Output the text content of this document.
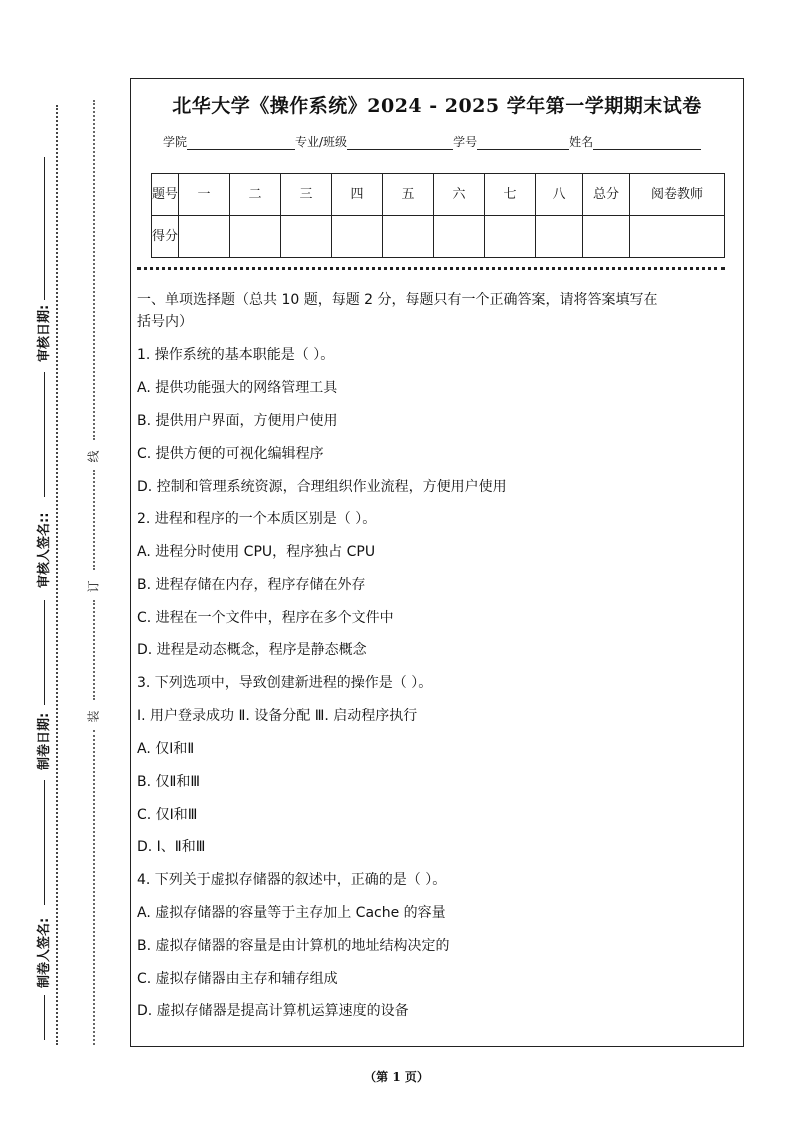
审核日期:
审核人签名::
制卷日期:
制卷人签名:
线
订
装
北华大学《操作系统》2024 - 2025 学年第一学期期末试卷
学院	专业/班级	学号	姓名
题号	一	二	三	四	五	六	七	八	总分	阅卷教师
得分										
一、单项选择题（总共 10 题，每题 2 分，每题只有一个正确答案，请将答案填写在
括号内）
1. 操作系统的基本职能是（ ）。
A. 提供功能强大的网络管理工具
B. 提供用户界面，方便用户使用
C. 提供方便的可视化编辑程序
D. 控制和管理系统资源，合理组织作业流程，方便用户使用
2. 进程和程序的一个本质区别是（ ）。
A. 进程分时使用 CPU，程序独占 CPU
B. 进程存储在内存，程序存储在外存
C. 进程在一个文件中，程序在多个文件中
D. 进程是动态概念，程序是静态概念
3. 下列选项中，导致创建新进程的操作是（ ）。
Ⅰ. 用户登录成功 Ⅱ. 设备分配 Ⅲ. 启动程序执行
A. 仅Ⅰ和Ⅱ
B. 仅Ⅱ和Ⅲ
C. 仅Ⅰ和Ⅲ
D. Ⅰ、Ⅱ和Ⅲ
4. 下列关于虚拟存储器的叙述中，正确的是（ ）。
A. 虚拟存储器的容量等于主存加上 Cache 的容量
B. 虚拟存储器的容量是由计算机的地址结构决定的
C. 虚拟存储器由主存和辅存组成
D. 虚拟存储器是提高计算机运算速度的设备
（第 1 页）
